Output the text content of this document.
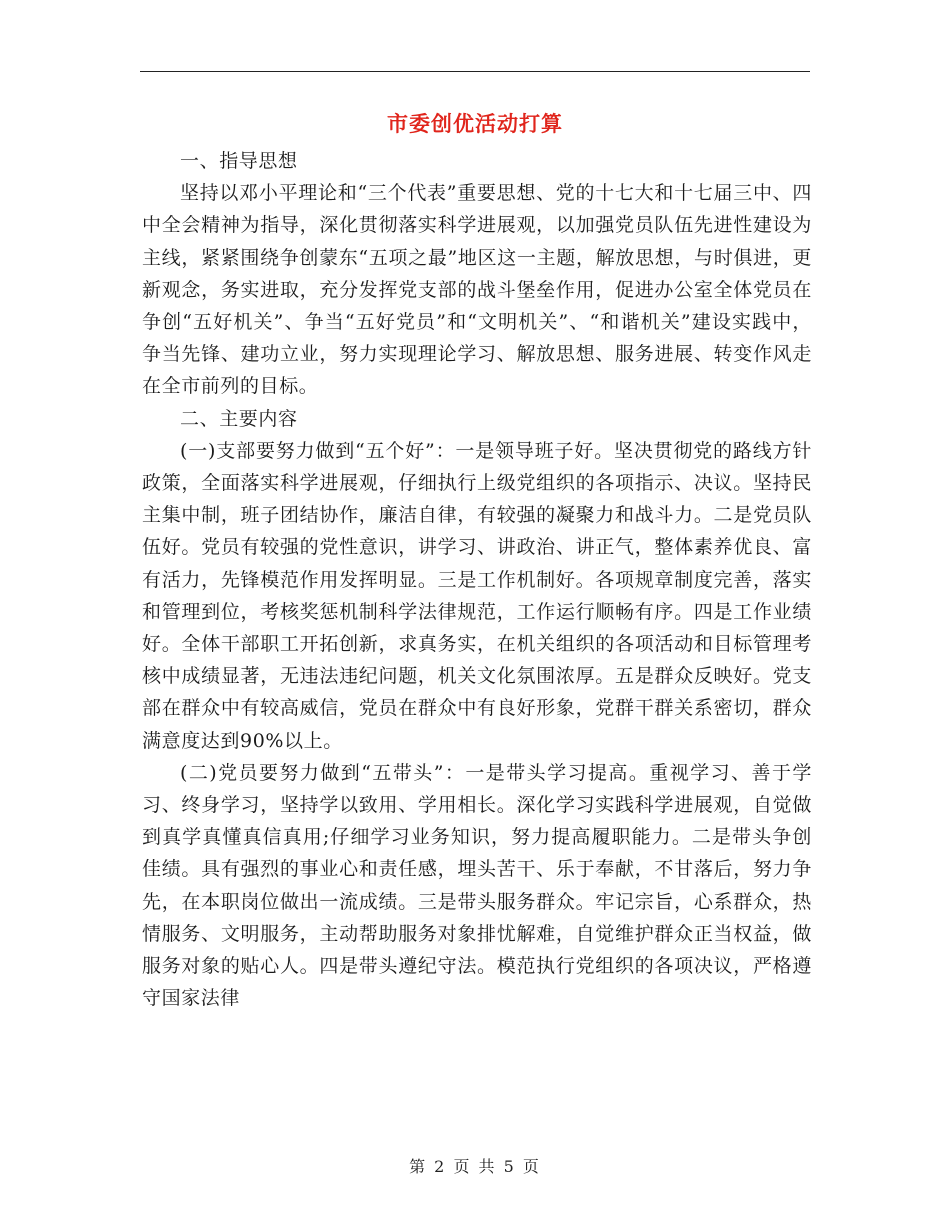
市委创优活动打算

一、指导思想

坚持以邓小平理论和“三个代表”重要思想、党的十七大和十七届三中、四中全会精神为指导，深化贯彻落实科学进展观，以加强党员队伍先进性建设为主线，紧紧围绕争创蒙东“五项之最”地区这一主题，解放思想，与时俱进，更新观念，务实进取，充分发挥党支部的战斗堡垒作用，促进办公室全体党员在争创“五好机关”、争当“五好党员”和“文明机关”、“和谐机关”建设实践中，争当先锋、建功立业，努力实现理论学习、解放思想、服务进展、转变作风走在全市前列的目标。

二、主要内容

(一)支部要努力做到“五个好”：一是领导班子好。坚决贯彻党的路线方针政策，全面落实科学进展观，仔细执行上级党组织的各项指示、决议。坚持民主集中制，班子团结协作，廉洁自律，有较强的凝聚力和战斗力。二是党员队伍好。党员有较强的党性意识，讲学习、讲政治、讲正气，整体素养优良、富有活力，先锋模范作用发挥明显。三是工作机制好。各项规章制度完善，落实和管理到位，考核奖惩机制科学法律规范，工作运行顺畅有序。四是工作业绩好。全体干部职工开拓创新，求真务实，在机关组织的各项活动和目标管理考核中成绩显著，无违法违纪问题，机关文化氛围浓厚。五是群众反映好。党支部在群众中有较高威信，党员在群众中有良好形象，党群干群关系密切，群众满意度达到90%以上。

(二)党员要努力做到“五带头”：一是带头学习提高。重视学习、善于学习、终身学习，坚持学以致用、学用相长。深化学习实践科学进展观，自觉做到真学真懂真信真用;仔细学习业务知识，努力提高履职能力。二是带头争创佳绩。具有强烈的事业心和责任感，埋头苦干、乐于奉献，不甘落后，努力争先，在本职岗位做出一流成绩。三是带头服务群众。牢记宗旨，心系群众，热情服务、文明服务，主动帮助服务对象排忧解难，自觉维护群众正当权益，做服务对象的贴心人。四是带头遵纪守法。模范执行党组织的各项决议，严格遵守国家法律

第 2 页 共 5 页
